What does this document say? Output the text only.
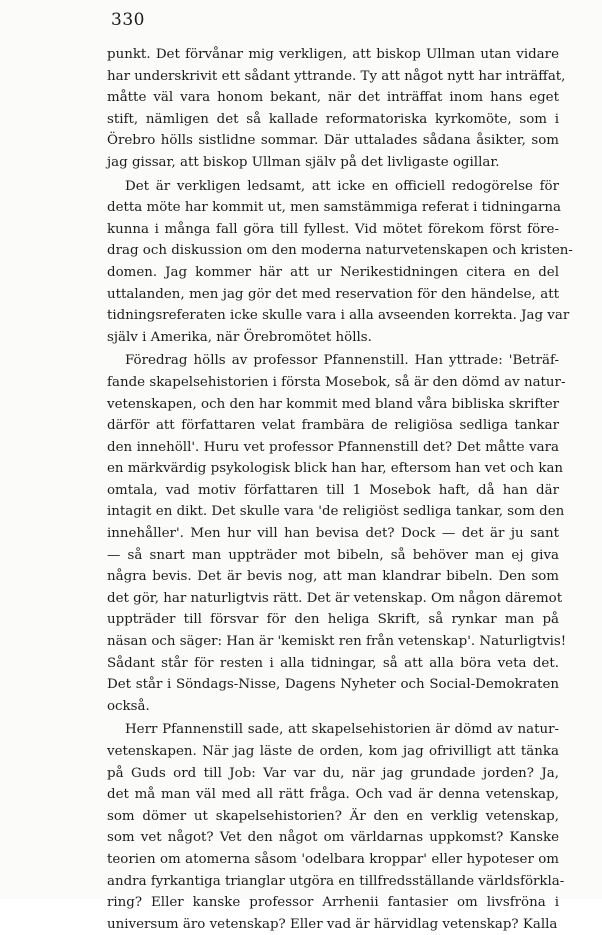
330

punkt. Det förvånar mig verkligen, att biskop Ullman utan vidare
har underskrivit ett sådant yttrande. Ty att något nytt har inträffat,
måtte väl vara honom bekant, när det inträffat inom hans eget
stift, nämligen det så kallade reformatoriska kyrkomöte, som i
Örebro hölls sistlidne sommar. Där uttalades sådana åsikter, som
jag gissar, att biskop Ullman själv på det livligaste ogillar.

Det är verkligen ledsamt, att icke en officiell redogörelse för
detta möte har kommit ut, men samstämmiga referat i tidningarna
kunna i många fall göra till fyllest. Vid mötet förekom först före-
drag och diskussion om den moderna naturvetenskapen och kristen-
domen. Jag kommer här att ur Nerikestidningen citera en del
uttalanden, men jag gör det med reservation för den händelse, att
tidningsreferaten icke skulle vara i alla avseenden korrekta. Jag var
själv i Amerika, när Örebromötet hölls.

Föredrag hölls av professor Pfannenstill. Han yttrade: 'Beträf-
fande skapelsehistorien i första Mosebok, så är den dömd av natur-
vetenskapen, och den har kommit med bland våra bibliska skrifter
därför att författaren velat frambära de religiösa sedliga tankar
den innehöll'. Huru vet professor Pfannenstill det? Det måtte vara
en märkvärdig psykologisk blick han har, eftersom han vet och kan
omtala, vad motiv författaren till 1 Mosebok haft, då han där
intagit en dikt. Det skulle vara 'de religiöst sedliga tankar, som den
innehåller'. Men hur vill han bevisa det? Dock — det är ju sant
— så snart man uppträder mot bibeln, så behöver man ej giva
några bevis. Det är bevis nog, att man klandrar bibeln. Den som
det gör, har naturligtvis rätt. Det är vetenskap. Om någon däremot
uppträder till försvar för den heliga Skrift, så rynkar man på
näsan och säger: Han är 'kemiskt ren från vetenskap'. Naturligtvis!
Sådant står för resten i alla tidningar, så att alla böra veta det.
Det står i Söndags-Nisse, Dagens Nyheter och Social-Demokraten
också.

Herr Pfannenstill sade, att skapelsehistorien är dömd av natur-
vetenskapen. När jag läste de orden, kom jag ofrivilligt att tänka
på Guds ord till Job: Var var du, när jag grundade jorden? Ja,
det må man väl med all rätt fråga. Och vad är denna vetenskap,
som dömer ut skapelsehistorien? Är den en verklig vetenskap,
som vet något? Vet den något om världarnas uppkomst? Kanske
teorien om atomerna såsom 'odelbara kroppar' eller hypoteser om
andra fyrkantiga trianglar utgöra en tillfredsställande världsförkla-
ring? Eller kanske professor Arrhenii fantasier om livsfröna i
universum äro vetenskap? Eller vad är härvidlag vetenskap? Kalla
